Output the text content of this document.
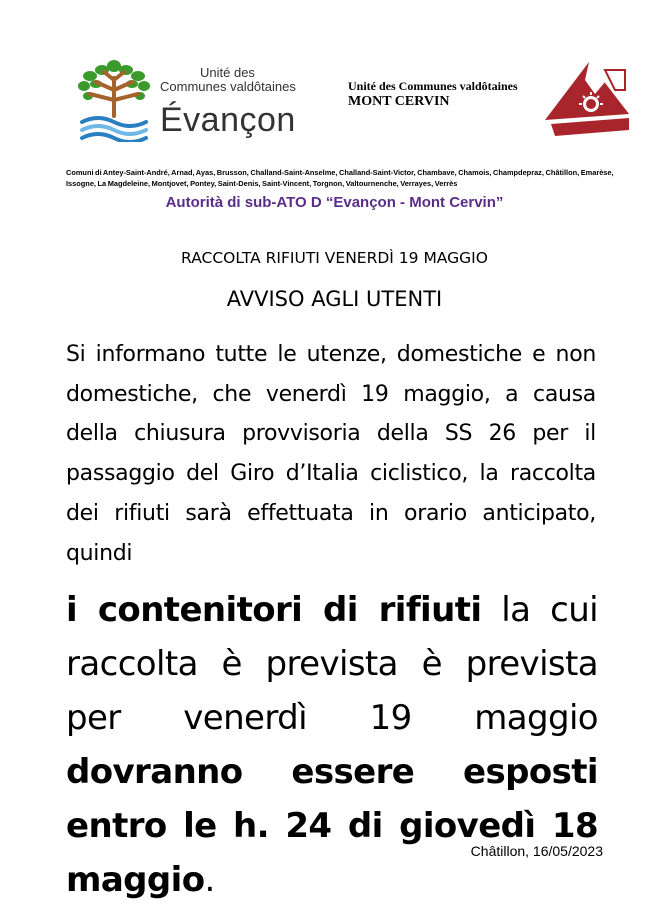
Unité des
Communes valdôtaines
Évançon
Unité des Communes valdôtaines
MONT CERVIN
Comuni di Antey-Saint-André, Arnad, Ayas, Brusson, Challand-Saint-Anselme, Challand-Saint-Victor, Chambave, Chamois, Champdepraz, Châtillon, Emarèse, Issogne, La Magdeleine, Montjovet, Pontey, Saint-Denis, Saint-Vincent, Torgnon, Valtournenche, Verrayes, Verrès
Autorità di sub-ATO D “Evançon - Mont Cervin”
RACCOLTA RIFIUTI VENERDÌ 19 MAGGIO
AVVISO AGLI UTENTI
Si informano tutte le utenze, domestiche e non domestiche, che venerdì 19 maggio, a causa della chiusura provvisoria della SS 26 per il passaggio del Giro d’Italia ciclistico, la raccolta dei rifiuti sarà effettuata in orario anticipato, quindi
i contenitori di rifiuti la cui raccolta è prevista è prevista per venerdì 19 maggio dovranno essere esposti entro le h. 24 di giovedì 18 maggio.
Châtillon, 16/05/2023
